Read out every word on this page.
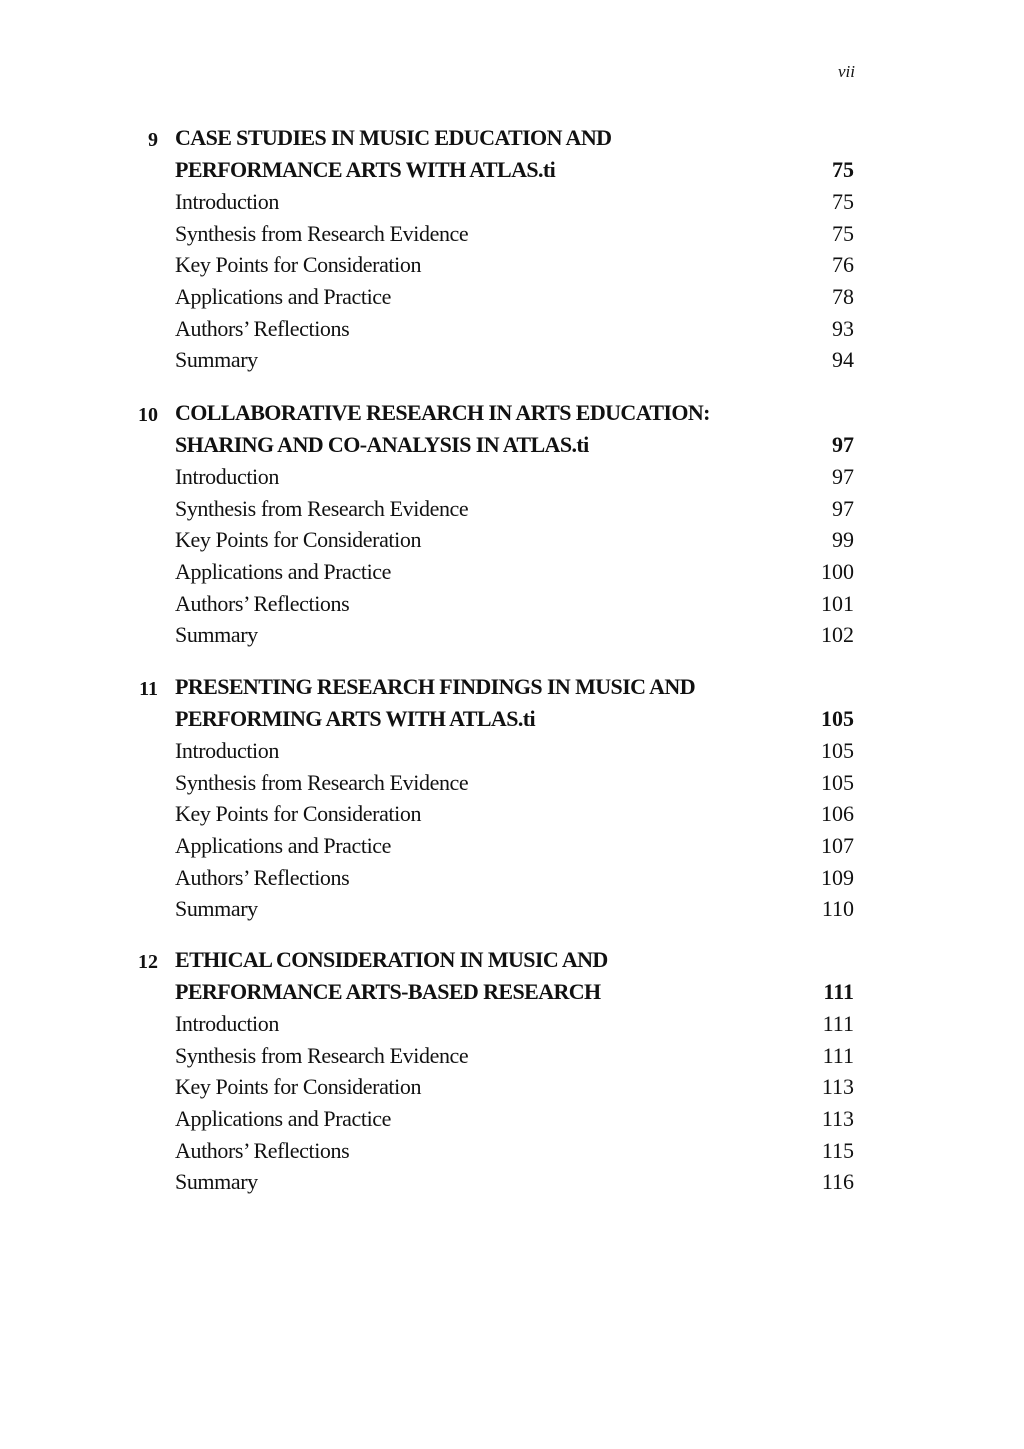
vii
9 CASE STUDIES IN MUSIC EDUCATION AND
PERFORMANCE ARTS WITH ATLAS.ti	75
Introduction	75
Synthesis from Research Evidence	75
Key Points for Consideration	76
Applications and Practice	78
Authors’ Reflections	93
Summary	94
10 COLLABORATIVE RESEARCH IN ARTS EDUCATION:
SHARING AND CO-ANALYSIS IN ATLAS.ti	97
Introduction	97
Synthesis from Research Evidence	97
Key Points for Consideration	99
Applications and Practice	100
Authors’ Reflections	101
Summary	102
11 PRESENTING RESEARCH FINDINGS IN MUSIC AND
PERFORMING ARTS WITH ATLAS.ti	105
Introduction	105
Synthesis from Research Evidence	105
Key Points for Consideration	106
Applications and Practice	107
Authors’ Reflections	109
Summary	110
12 ETHICAL CONSIDERATION IN MUSIC AND
PERFORMANCE ARTS-BASED RESEARCH	111
Introduction	111
Synthesis from Research Evidence	111
Key Points for Consideration	113
Applications and Practice	113
Authors’ Reflections	115
Summary	116
